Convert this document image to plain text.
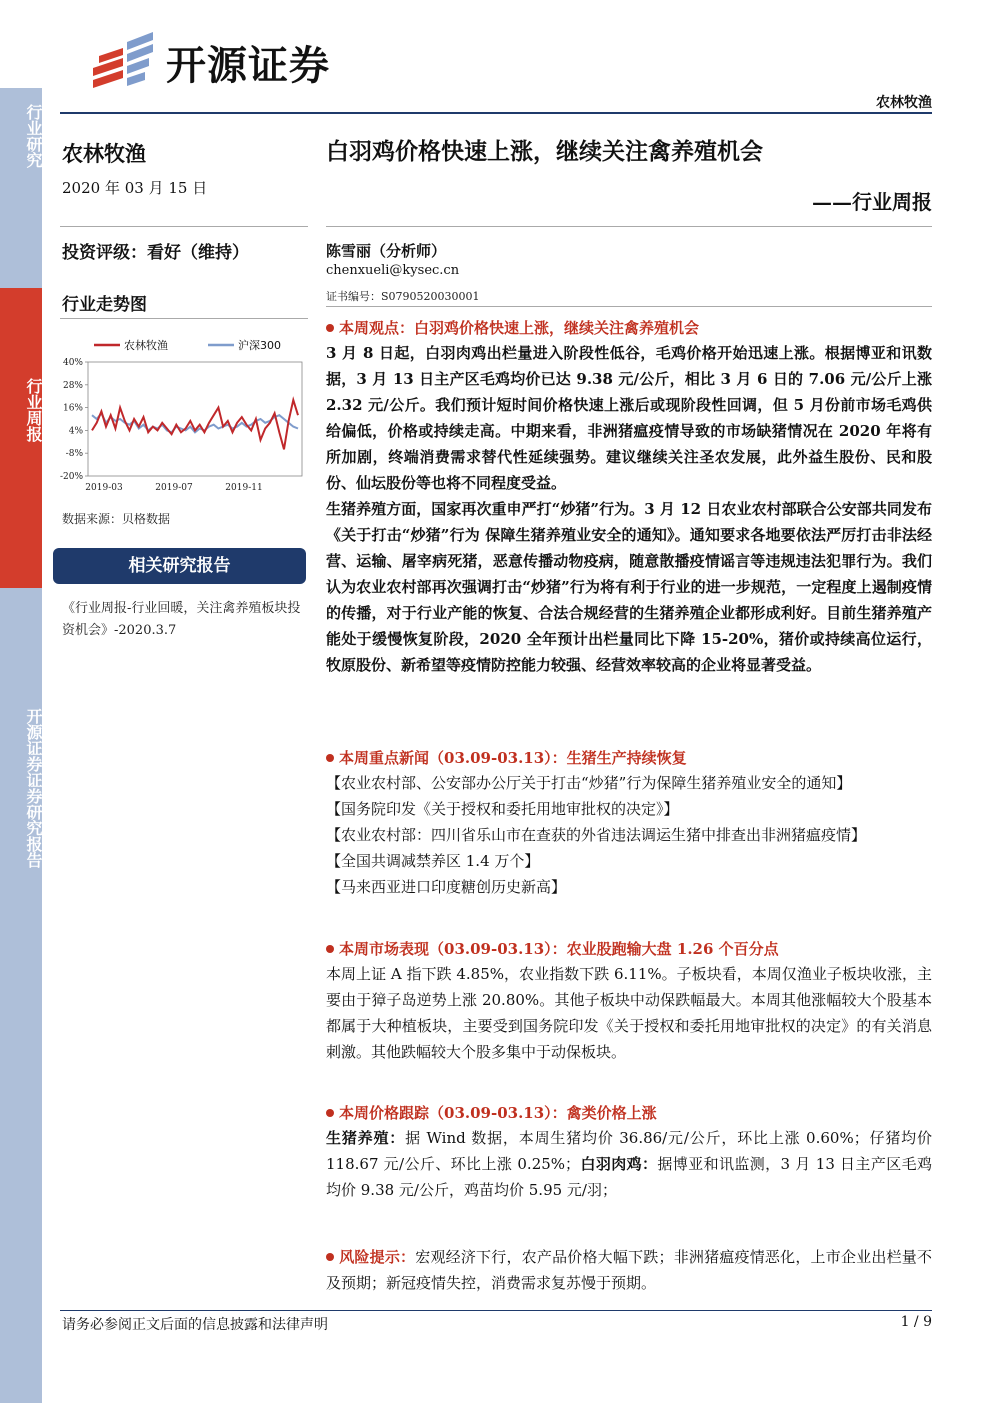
行业研究
行业周报
开源证券证券研究报告
开源证券
农林牧渔
农林牧渔
2020 年 03 月 15 日
投资评级：看好（维持）
行业走势图
40%
28%
16%
4%
-8%
-20%
2019-03	2019-07	2019-11
农林牧渔	沪深300
数据来源：贝格数据
相关研究报告
《行业周报-行业回暖，关注禽养殖板块投资机会》-2020.3.7
白羽鸡价格快速上涨，继续关注禽养殖机会
——行业周报
陈雪丽（分析师）
chenxueli@kysec.cn
证书编号：S0790520030001
本周观点：白羽鸡价格快速上涨，继续关注禽养殖机会
3 月 8 日起，白羽肉鸡出栏量进入阶段性低谷，毛鸡价格开始迅速上涨。根据博亚和讯数据，3 月 13 日主产区毛鸡均价已达 9.38 元/公斤，相比 3 月 6 日的 7.06 元/公斤上涨 2.32 元/公斤。我们预计短时间价格快速上涨后或现阶段性回调，但 5 月份前市场毛鸡供给偏低，价格或持续走高。中期来看，非洲猪瘟疫情导致的市场缺猪情况在 2020 年将有所加剧，终端消费需求替代性延续强势。建议继续关注圣农发展，此外益生股份、民和股份、仙坛股份等也将不同程度受益。
生猪养殖方面，国家再次重申严打“炒猪”行为。3 月 12 日农业农村部联合公安部共同发布《关于打击“炒猪”行为 保障生猪养殖业安全的通知》。通知要求各地要依法严厉打击非法经营、运输、屠宰病死猪，恶意传播动物疫病，随意散播疫情谣言等违规违法犯罪行为。我们认为农业农村部再次强调打击“炒猪”行为将有利于行业的进一步规范，一定程度上遏制疫情的传播，对于行业产能的恢复、合法合规经营的生猪养殖企业都形成利好。目前生猪养殖产能处于缓慢恢复阶段，2020 全年预计出栏量同比下降 15-20%，猪价或持续高位运行，牧原股份、新希望等疫情防控能力较强、经营效率较高的企业将显著受益。
本周重点新闻（03.09-03.13）：生猪生产持续恢复
【农业农村部、公安部办公厅关于打击“炒猪”行为保障生猪养殖业安全的通知】
【国务院印发《关于授权和委托用地审批权的决定》】
【农业农村部：四川省乐山市在查获的外省违法调运生猪中排查出非洲猪瘟疫情】
【全国共调减禁养区 1.4 万个】
【马来西亚进口印度糖创历史新高】
本周市场表现（03.09-03.13）：农业股跑输大盘 1.26 个百分点
本周上证 A 指下跌 4.85%，农业指数下跌 6.11%。子板块看，本周仅渔业子板块收涨，主要由于獐子岛逆势上涨 20.80%。其他子板块中动保跌幅最大。本周其他涨幅较大个股基本都属于大种植板块，主要受到国务院印发《关于授权和委托用地审批权的决定》的有关消息刺激。其他跌幅较大个股多集中于动保板块。
本周价格跟踪（03.09-03.13）：禽类价格上涨
生猪养殖：据 Wind 数据，本周生猪均价 36.86/元/公斤，环比上涨 0.60%；仔猪均价 118.67 元/公斤、环比上涨 0.25%；白羽肉鸡：据博亚和讯监测，3 月 13 日主产区毛鸡均价 9.38 元/公斤，鸡苗均价 5.95 元/羽；
风险提示：宏观经济下行，农产品价格大幅下跌；非洲猪瘟疫情恶化，上市企业出栏量不及预期；新冠疫情失控，消费需求复苏慢于预期。
请务必参阅正文后面的信息披露和法律声明	1 / 9
